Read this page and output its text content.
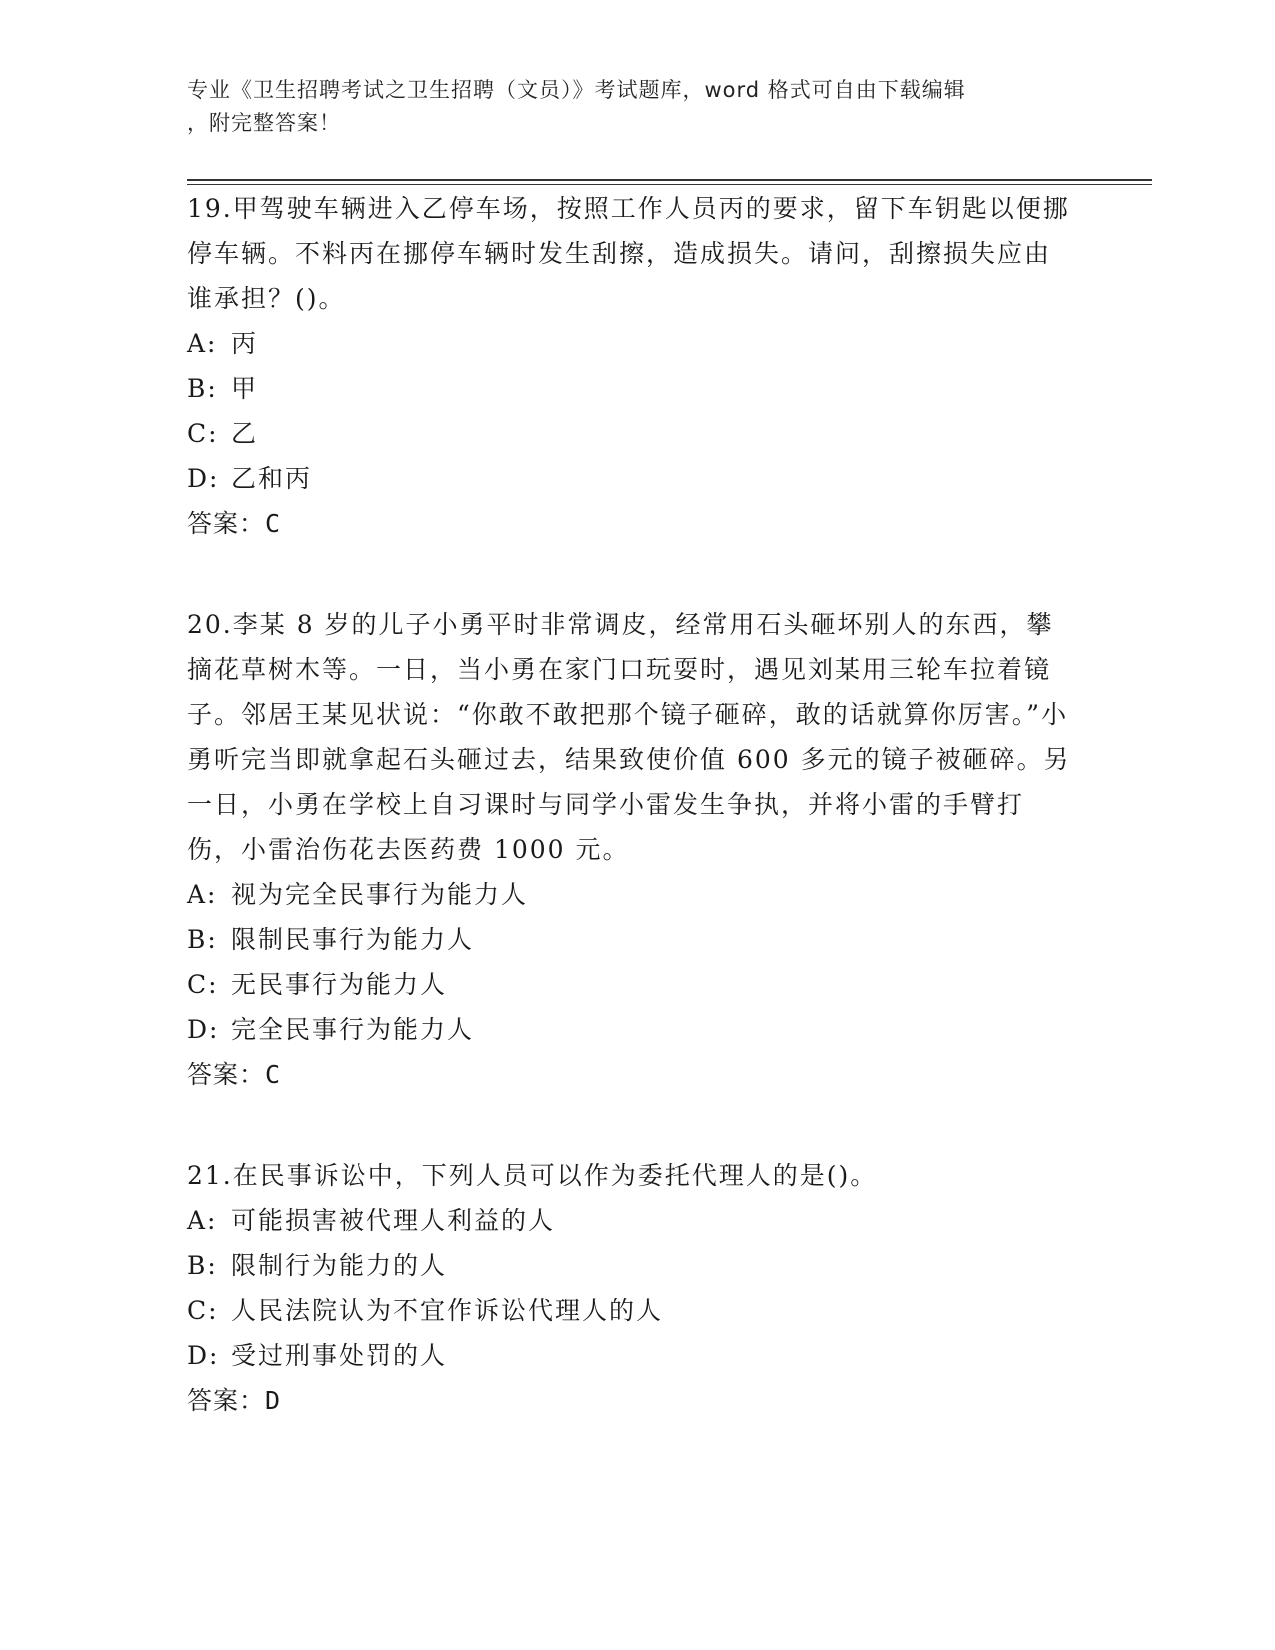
专业《卫生招聘考试之卫生招聘（文员）》考试题库，word 格式可自由下载编辑
，附完整答案！

19.甲驾驶车辆进入乙停车场，按照工作人员丙的要求，留下车钥匙以便挪停车辆。不料丙在挪停车辆时发生刮擦，造成损失。请问，刮擦损失应由谁承担？()。

A: 丙
B: 甲
C: 乙
D: 乙和丙

答案：C

20.李某 8 岁的儿子小勇平时非常调皮，经常用石头砸坏别人的东西，攀摘花草树木等。一日，当小勇在家门口玩耍时，遇见刘某用三轮车拉着镜子。邻居王某见状说：“你敢不敢把那个镜子砸碎，敢的话就算你厉害。”小勇听完当即就拿起石头砸过去，结果致使价值 600 多元的镜子被砸碎。另一日，小勇在学校上自习课时与同学小雷发生争执，并将小雷的手臂打伤，小雷治伤花去医药费 1000 元。

A: 视为完全民事行为能力人
B: 限制民事行为能力人
C: 无民事行为能力人
D: 完全民事行为能力人

答案：C

21.在民事诉讼中，下列人员可以作为委托代理人的是()。

A: 可能损害被代理人利益的人
B: 限制行为能力的人
C: 人民法院认为不宜作诉讼代理人的人
D: 受过刑事处罚的人

答案：D
